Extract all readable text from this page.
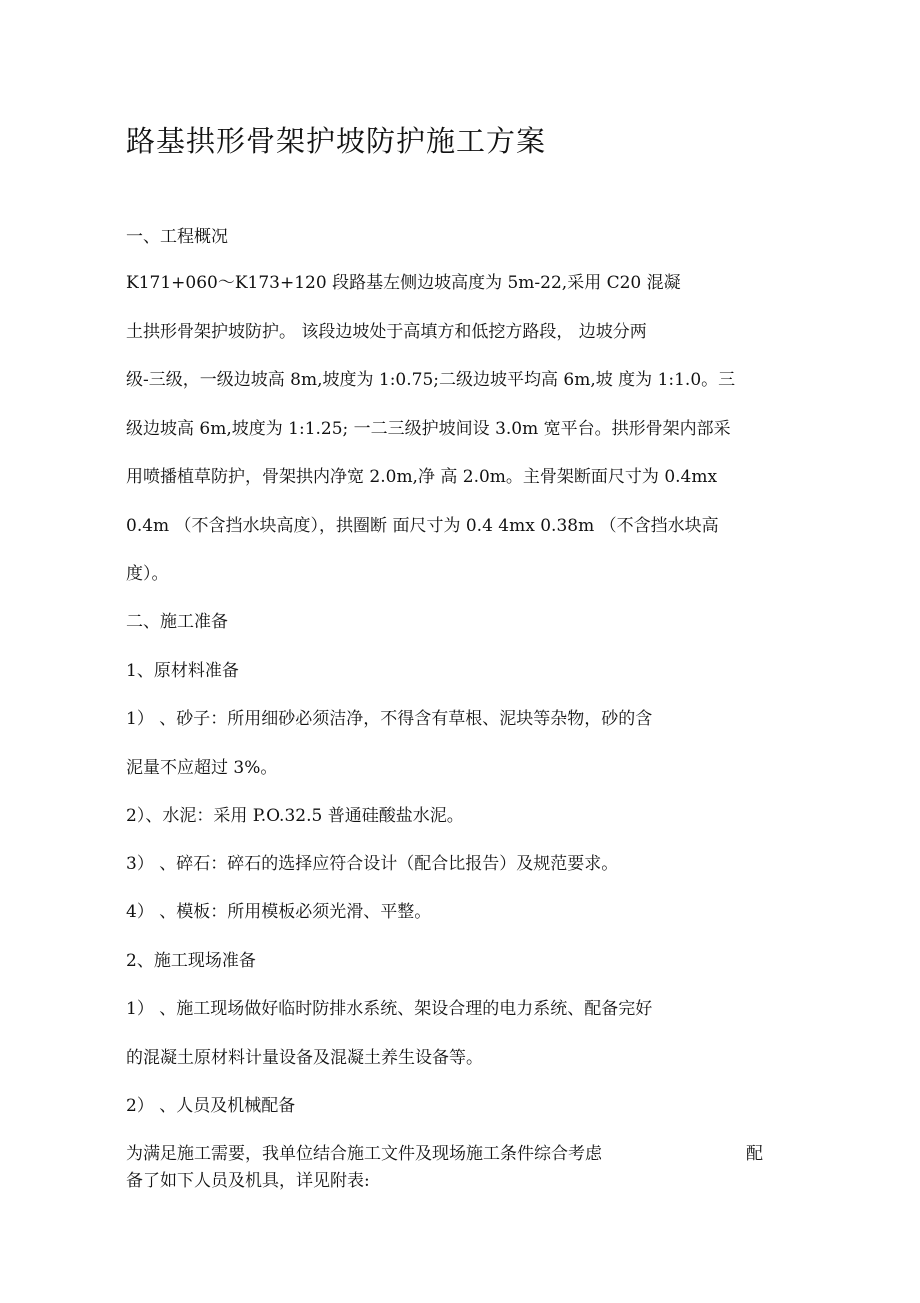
路基拱形骨架护坡防护施工方案
一、工程概况
K171+060～K173+120 段路基左侧边坡高度为 5m-22,采用 C20 混凝
土拱形骨架护坡防护。 该段边坡处于高填方和低挖方路段， 边坡分两
级-三级，一级边坡高 8m,坡度为 1:0.75;二级边坡平均高 6m,坡 度为 1:1.0。三
级边坡高 6m,坡度为 1:1.25; 一二三级护坡间设 3.0m 宽平台。拱形骨架内部采
用喷播植草防护，骨架拱内净宽 2.0m,净 高 2.0m。主骨架断面尺寸为 0.4mx
0.4m （不含挡水块高度），拱圈断 面尺寸为 0.4 4mx 0.38m （不含挡水块高
度）。
二、施工准备
1、原材料准备
1） 、砂子：所用细砂必须洁净，不得含有草根、泥块等杂物，砂的含
泥量不应超过 3%。
2）、水泥：采用 P.O.32.5 普通硅酸盐水泥。
3） 、碎石：碎石的选择应符合设计（配合比报告）及规范要求。
4） 、模板：所用模板必须光滑、平整。
2、施工现场准备
1） 、施工现场做好临时防排水系统、架设合理的电力系统、配备完好
的混凝土原材料计量设备及混凝土养生设备等。
2） 、人员及机械配备
为满足施工需要，我单位结合施工文件及现场施工条件综合考虑	配
备了如下人员及机具，详见附表:
